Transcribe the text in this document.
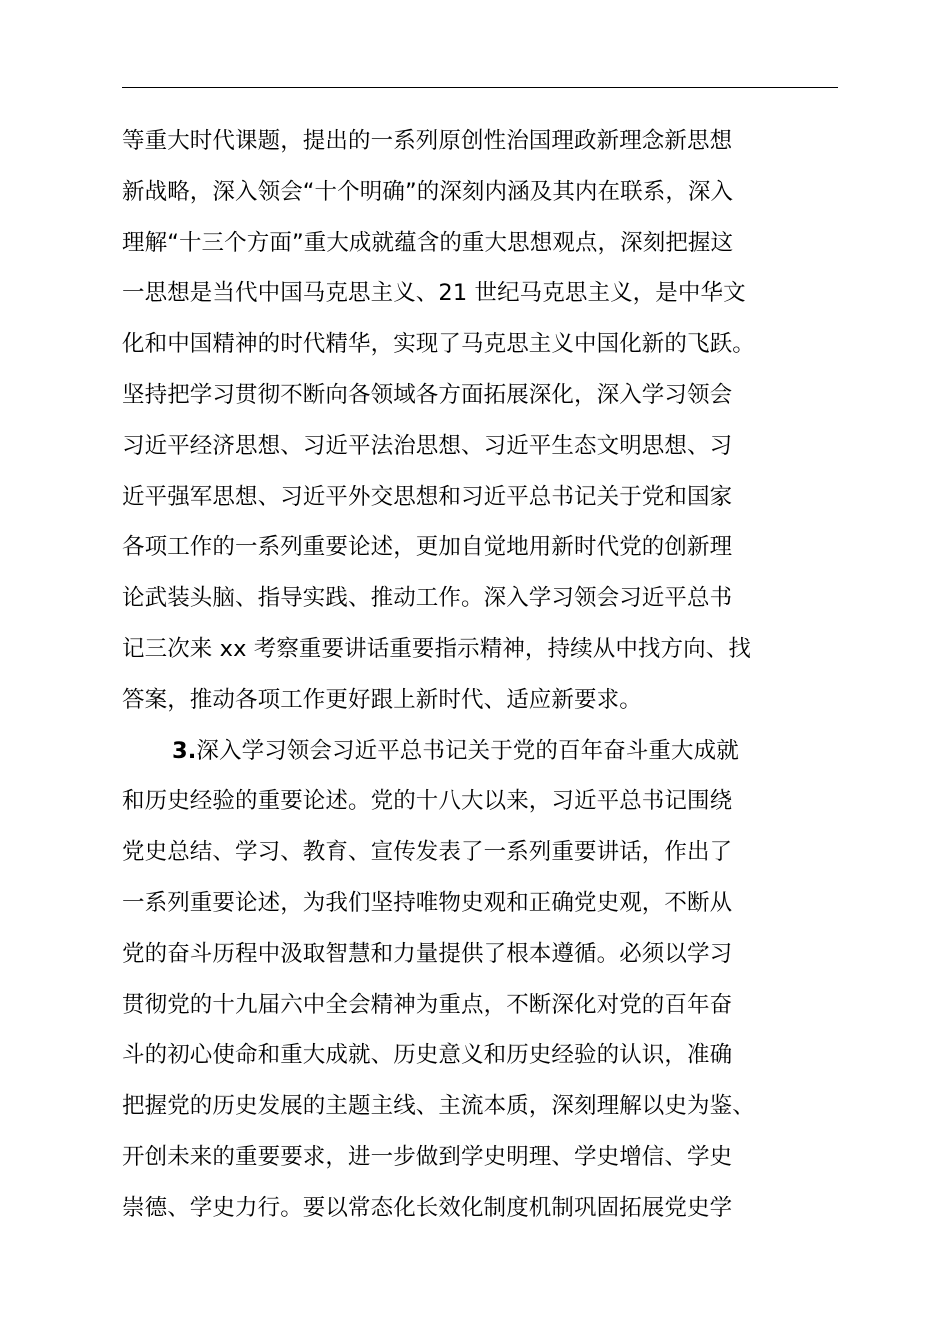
等重大时代课题，提出的一系列原创性治国理政新理念新思想
新战略，深入领会“十个明确”的深刻内涵及其内在联系，深入
理解“十三个方面”重大成就蕴含的重大思想观点，深刻把握这
一思想是当代中国马克思主义、21 世纪马克思主义，是中华文
化和中国精神的时代精华，实现了马克思主义中国化新的飞跃。
坚持把学习贯彻不断向各领域各方面拓展深化，深入学习领会
习近平经济思想、习近平法治思想、习近平生态文明思想、习
近平强军思想、习近平外交思想和习近平总书记关于党和国家
各项工作的一系列重要论述，更加自觉地用新时代党的创新理
论武装头脑、指导实践、推动工作。深入学习领会习近平总书
记三次来 xx 考察重要讲话重要指示精神，持续从中找方向、找
答案，推动各项工作更好跟上新时代、适应新要求。
3.深入学习领会习近平总书记关于党的百年奋斗重大成就
和历史经验的重要论述。党的十八大以来，习近平总书记围绕
党史总结、学习、教育、宣传发表了一系列重要讲话，作出了
一系列重要论述，为我们坚持唯物史观和正确党史观，不断从
党的奋斗历程中汲取智慧和力量提供了根本遵循。必须以学习
贯彻党的十九届六中全会精神为重点，不断深化对党的百年奋
斗的初心使命和重大成就、历史意义和历史经验的认识，准确
把握党的历史发展的主题主线、主流本质，深刻理解以史为鉴、
开创未来的重要要求，进一步做到学史明理、学史增信、学史
崇德、学史力行。要以常态化长效化制度机制巩固拓展党史学
